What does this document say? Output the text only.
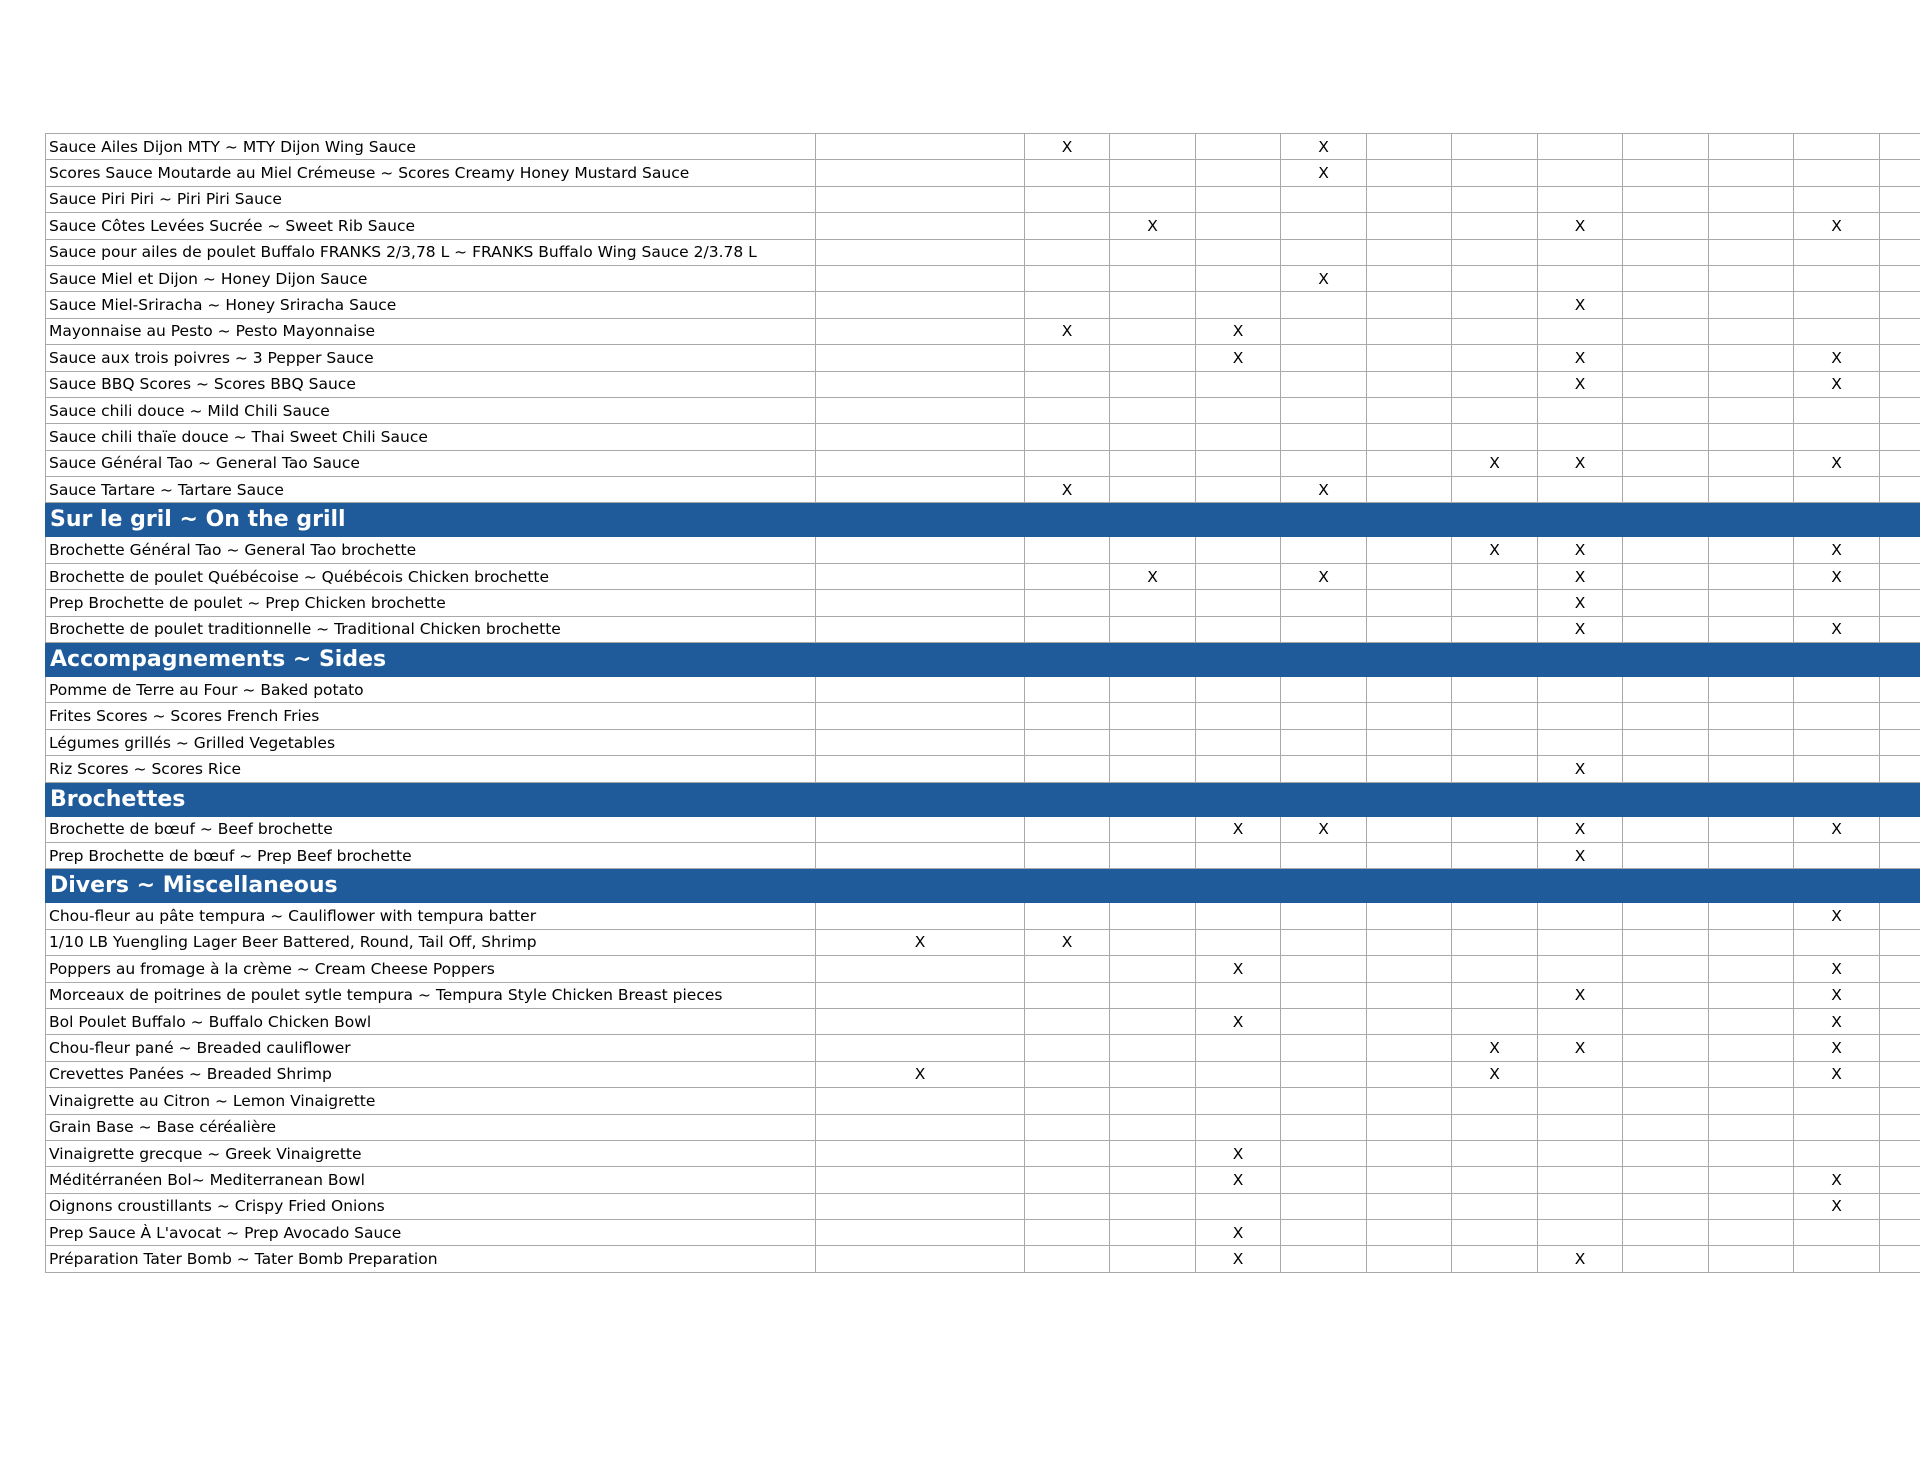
Sauce Ailes Dijon MTY ~ MTY Dijon Wing Sauce		X			X							
Scores Sauce Moutarde au Miel Crémeuse ~ Scores Creamy Honey Mustard Sauce					X							
Sauce Piri Piri ~ Piri Piri Sauce												
Sauce Côtes Levées Sucrée ~ Sweet Rib Sauce			X					X			X	
Sauce pour ailes de poulet Buffalo FRANKS 2/3,78 L ~ FRANKS Buffalo Wing Sauce 2/3.78 L												
Sauce Miel et Dijon ~ Honey Dijon Sauce					X							
Sauce Miel-Sriracha ~ Honey Sriracha Sauce								X				
Mayonnaise au Pesto ~ Pesto Mayonnaise		X		X								
Sauce aux trois poivres ~ 3 Pepper Sauce				X				X			X	
Sauce BBQ Scores ~ Scores BBQ Sauce								X			X	
Sauce chili douce ~ Mild Chili Sauce												
Sauce chili thaïe douce ~ Thai Sweet Chili Sauce												
Sauce Général Tao ~ General Tao Sauce							X	X			X	
Sauce Tartare ~ Tartare Sauce		X			X							
Sur le gril ~ On the grill												
Brochette Général Tao ~ General Tao brochette							X	X			X	
Brochette de poulet Québécoise ~ Québécois Chicken brochette			X		X			X			X	
Prep Brochette de poulet ~ Prep Chicken brochette								X				
Brochette de poulet traditionnelle ~ Traditional Chicken brochette								X			X	
Accompagnements ~ Sides												
Pomme de Terre au Four ~ Baked potato												
Frites Scores ~ Scores French Fries												
Légumes grillés ~ Grilled Vegetables												
Riz Scores ~ Scores Rice								X				
Brochettes												
Brochette de bœuf ~ Beef brochette				X	X			X			X	
Prep Brochette de bœuf ~ Prep Beef brochette								X				
Divers ~ Miscellaneous												
Chou-fleur au pâte tempura ~ Cauliflower with tempura batter											X	
1/10 LB Yuengling Lager Beer Battered, Round, Tail Off, Shrimp	X	X										
Poppers au fromage à la crème ~ Cream Cheese Poppers				X							X	
Morceaux de poitrines de poulet sytle tempura ~ Tempura Style Chicken Breast pieces								X			X	
Bol Poulet Buffalo ~ Buffalo Chicken Bowl				X							X	
Chou-fleur pané ~ Breaded cauliflower							X	X			X	
Crevettes Panées ~ Breaded Shrimp	X						X				X	
Vinaigrette au Citron ~ Lemon Vinaigrette												
Grain Base ~ Base céréalière												
Vinaigrette grecque ~ Greek Vinaigrette				X								
Méditérranéen Bol~ Mediterranean Bowl				X							X	
Oignons croustillants ~ Crispy Fried Onions											X	
Prep Sauce À L'avocat ~ Prep Avocado Sauce				X								
Préparation Tater Bomb ~ Tater Bomb Preparation				X				X				
